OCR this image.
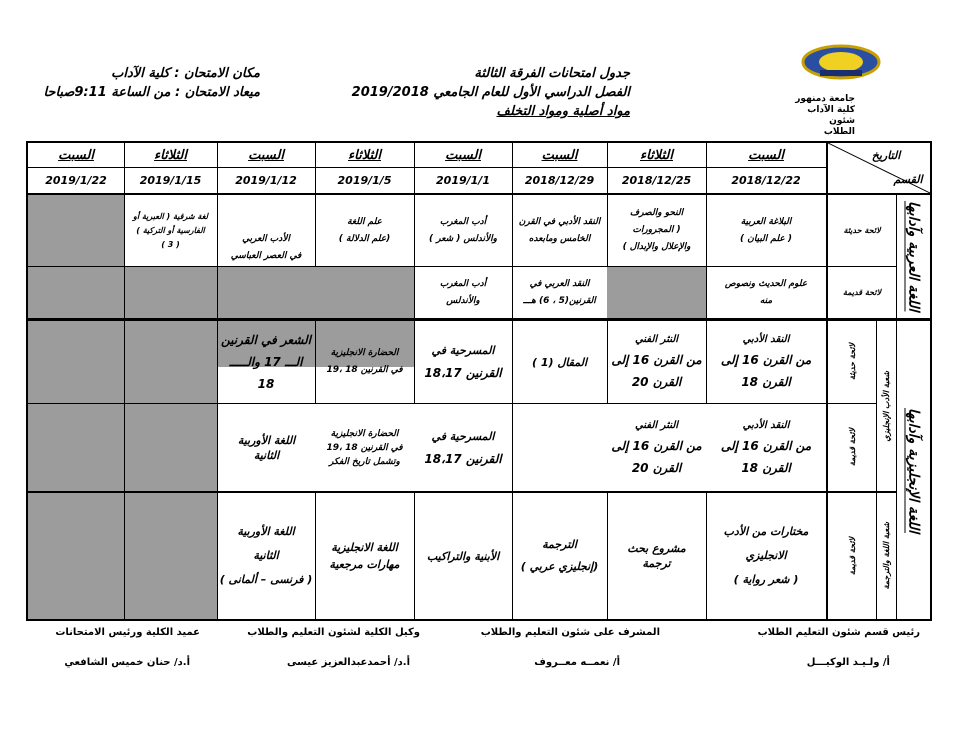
جامعة دمنهور
كلية الآداب
شئون الطلاب
جدول امتحانات الفرقة الثالثة
الفصل الدراسي الأول للعام الجامعي 2019/2018
مواد أصلية ومواد التخلف
مكان الامتحان : كلية الآداب
ميعاد الامتحان : من الساعة 9:11صباحا
التاريخ
القسم
السبت
الثلاثاء
السبت
السبت
الثلاثاء
السبت
الثلاثاء
السبت
2018/12/22
2018/12/25
2018/12/29
2019/1/1
2019/1/5
2019/1/12
2019/1/15
2019/1/22
اللغة العربية وآدابها
لائحة حديثة
لائحة قديمة
البلاغة العربية
( علم البيان )
النحو والصرف
( المجرورات
والإعلال والإبدال )
النقد الأدبي في القرن
الخامس ومابعده
أدب المغرب
والأندلس ( شعر )
علم اللغة
(علم الدلالة )
الأدب العربي
في العصر العباسي
لغة شرقية ( العبرية أو
الفارسية أو التركية )
( 3 )
علوم الحديث ونصوص
منه
النقد العربي في
القرنين(5 ، 6) هـــ
أدب المغرب
والأندلس
اللغة الإنجليزية وآدابها
شعبة الأدب الإنجليزي
شعبة اللغة والترجمة
لائحة حديثة
لائحة قديمة
لائحة قديمة
النقد الأدبي
من القرن 16 إلى
القرن 18
النثر الفني
من القرن 16 إلى
القرن 20
المقال (1 )
المسرحية في
القرنين 18،17
الحضارة الانجليزية
في القرنين 18 ،19
الشعر في القرنين
الـــ 17 والـــــ
18
النقد الأدبي
من القرن 16 إلى
القرن 18
النثر الفني
من القرن 16 إلى
القرن 20
المسرحية في
القرنين 18،17
الحضارة الانجليزية
في القرنين 18 ،19
وتشمل تاريخ الفكر
اللغة الأوربية
الثانية
مختارات من الأدب
الانجليزي
( شعر رواية )
مشروع بحث
ترجمة
الترجمة
(إنجليزي عربي )
الأبنية والتراكيب
اللغة الانجليزية
مهارات مرجعية
اللغة الأوربية
الثانية
( فرنسى – ألمانى )
رئيس قسم شئون التعليم الطلاب
المشرف على شئون التعليم والطلاب
وكيل الكلية لشئون التعليم والطلاب
عميد الكلية ورئيس الامتحانات
أ/ ولـيـد الوكيـــل
أ/ نعمــه معــروف
أ.د/ أحمدعبدالعزيز عيسى
أ.د/ حنان خميس الشافعي
